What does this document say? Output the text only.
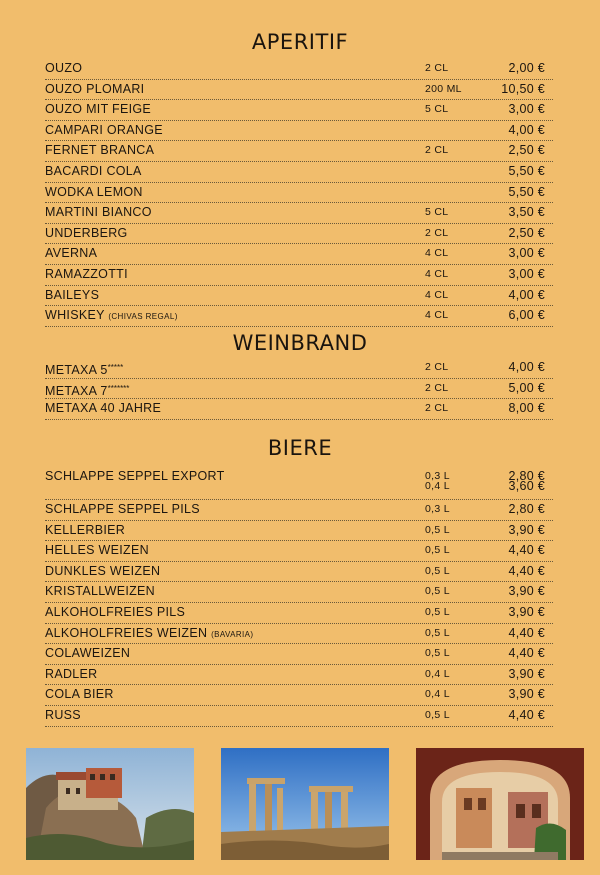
APERITIF
OUZO	2 CL	2,00 €
OUZO PLOMARI	200 ML	10,50 €
OUZO MIT FEIGE	5 CL	3,00 €
CAMPARI ORANGE	4,00 €
FERNET BRANCA	2 CL	2,50 €
BACARDI COLA	5,50 €
WODKA LEMON	5,50 €
MARTINI BIANCO	5 CL	3,50 €
UNDERBERG	2 CL	2,50 €
AVERNA	4 CL	3,00 €
RAMAZZOTTI	4 CL	3,00 €
BAILEYS	4 CL	4,00 €
WHISKEY (CHIVAS REGAL)	4 CL	6,00 €
WEINBRAND
METAXA 5*****	2 CL	4,00 €
METAXA 7*******	2 CL	5,00 €
METAXA 40 JAHRE	2 CL	8,00 €
BIERE
SCHLAPPE SEPPEL EXPORT	0,3 L	2,80 €
0,4 L	3,60 €
SCHLAPPE SEPPEL PILS	0,3 L	2,80 €
KELLERBIER	0,5 L	3,90 €
HELLES WEIZEN	0,5 L	4,40 €
DUNKLES WEIZEN	0,5 L	4,40 €
KRISTALLWEIZEN	0,5 L	3,90 €
ALKOHOLFREIES PILS	0,5 L	3,90 €
ALKOHOLFREIES WEIZEN (BAVARIA)	0,5 L	4,40 €
COLAWEIZEN	0,5 L	4,40 €
RADLER	0,4 L	3,90 €
COLA BIER	0,4 L	3,90 €
RUSS	0,5 L	4,40 €
